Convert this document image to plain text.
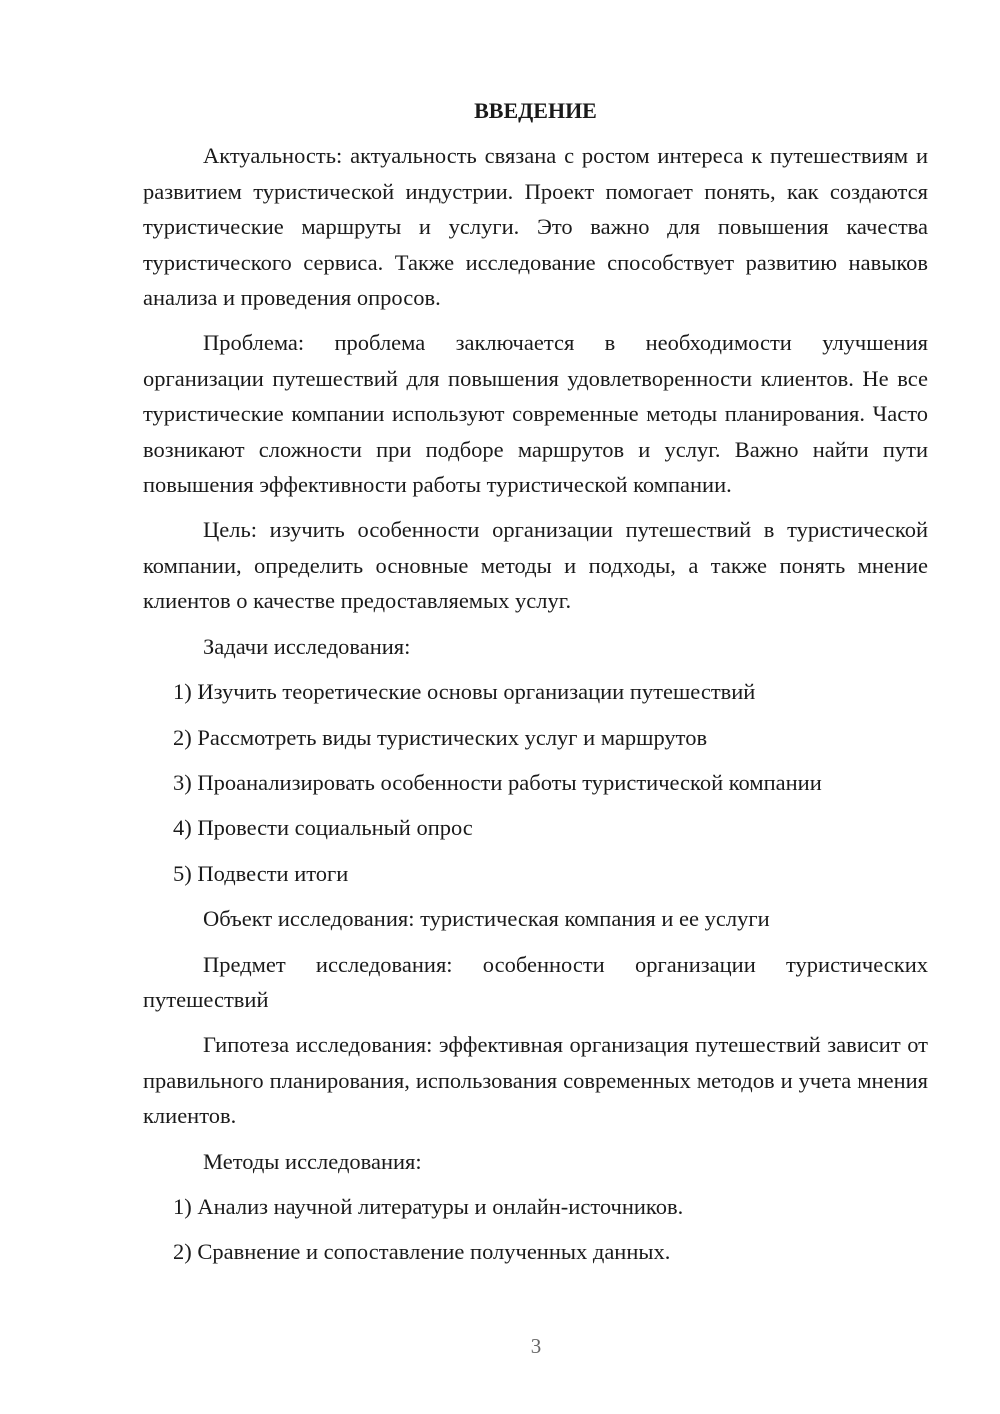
ВВЕДЕНИЕ

Актуальность: актуальность связана с ростом интереса к путешествиям и развитием туристической индустрии. Проект помогает понять, как создаются туристические маршруты и услуги. Это важно для повышения качества туристического сервиса. Также исследование способствует развитию навыков анализа и проведения опросов.

Проблема: проблема заключается в необходимости улучшения организации путешествий для повышения удовлетворенности клиентов. Не все туристические компании используют современные методы планирования. Часто возникают сложности при подборе маршрутов и услуг. Важно найти пути повышения эффективности работы туристической компании.

Цель: изучить особенности организации путешествий в туристической компании, определить основные методы и подходы, а также понять мнение клиентов о качестве предоставляемых услуг.

Задачи исследования:

1) Изучить теоретические основы организации путешествий
2) Рассмотреть виды туристических услуг и маршрутов
3) Проанализировать особенности работы туристической компании
4) Провести социальный опрос
5) Подвести итоги

Объект исследования: туристическая компания и ее услуги

Предмет исследования: особенности организации туристических путешествий

Гипотеза исследования: эффективная организация путешествий зависит от правильного планирования, использования современных методов и учета мнения клиентов.

Методы исследования:

1) Анализ научной литературы и онлайн-источников.
2) Сравнение и сопоставление полученных данных.
3
